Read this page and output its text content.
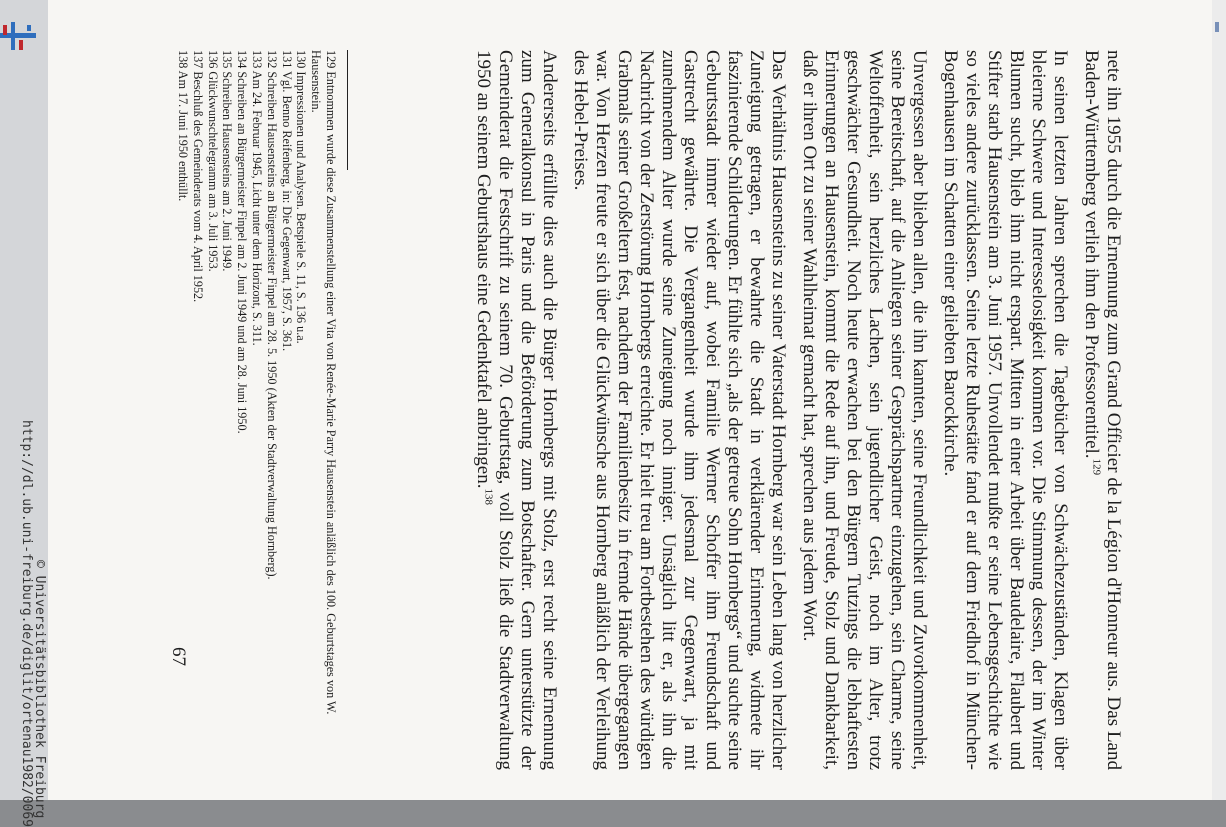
http://dl.ub.uni-freiburg.de/diglit/ortenau1982/0069
© Universitätsbibliothek Freiburg	nete ihn 1955 durch die Ernennung zum Grand Officier de la Légion d'Honneur aus. Das Land Baden-Württemberg verlieh ihm den Professorentitel.$^{129}$

In seinen letzten Jahren sprechen die Tagebücher von Schwächezuständen, Klagen über bleierne Schwere und Interesselosigkeit kommen vor. Die Stimmung dessen, der im Winter Blumen sucht, blieb ihm nicht erspart. Mitten in einer Arbeit über Baudelaire, Flaubert und Stifter starb Hausenstein am 3. Juni 1957. Unvollendet mußte er seine Lebensgeschichte wie so vieles andere zurücklassen. Seine letzte Ruhestätte fand er auf dem Friedhof in München-Bogenhausen im Schatten einer geliebten Barockkirche.

Unvergessen aber blieben allen, die ihn kannten, seine Freundlichkeit und Zuvorkommenheit, seine Bereitschaft, auf die Anliegen seiner Gesprächspartner einzugehen, sein Charme, seine Weltoffenheit, sein herzliches Lachen, sein jugendlicher Geist, noch im Alter, trotz geschwächter Gesundheit. Noch heute erwachen bei den Bürgern Tutzings die lebhaftesten Erinnerungen an Hausenstein, kommt die Rede auf ihn, und Freude, Stolz und Dankbarkeit, daß er ihren Ort zu seiner Wahlheimat gemacht hat, sprechen aus jedem Wort.

Das Verhältnis Hausensteins zu seiner Vaterstadt Hornberg war sein Leben lang von herzlicher Zuneigung getragen, er bewahrte die Stadt in verklärender Erinnerung, widmete ihr faszinierende Schilderungen. Er fühlte sich „als der getreue Sohn Hornbergs“ und suchte seine Geburtsstadt immer wieder auf, wobei Familie Werner Schoffer ihm Freundschaft und Gastrecht gewährte. Die Vergangenheit wurde ihm jedesmal zur Gegenwart, ja mit zunehmendem Alter wurde seine Zuneigung noch inniger. Unsäglich litt er, als ihn die Nachricht von der Zerstörung Hornbergs erreichte. Er hielt treu am Fortbestehen des würdigen Grabmals seiner Großeltern fest, nachdem der Familienbesitz in fremde Hände übergegangen war. Von Herzen freute er sich über die Glückwünsche aus Hornberg anläßlich der Verleihung des Hebel-Preises.

Andererseits erfüllte dies auch die Bürger Hornbergs mit Stolz, erst recht seine Ernennung zum Generalkonsul in Paris und die Beförderung zum Botschafter. Gern unterstützte der Gemeinderat die Festschrift zu seinem 70. Geburtstag, voll Stolz ließ die Stadtverwaltung 1950 an seinem Geburtshaus eine Gedenktafel anbringen.$^{138}$

129 Entnommen wurde diese Zusammenstellung einer Vita von Renée-Marie Parry Hausenstein anläßlich des 100. Geburtstages von W. Hausenstein.

130 Impressionen und Analysen. Betspiele S. 11, S. 136 u.a.

131 Vgl. Benno Reifenberg, in: Die Gegenwart, 1957, S. 361.

132 Schreiben Hausensteins an Bürgermeister Finpel am 28. 5. 1950 (Akten der Stadtverwaltung Hornberg).

133 Am 24. Februar 1945, Licht unter dem Horizont, S. 311.

134 Schreiben an Bürgermeister Finpel am 2. Juni 1949 und am 28. Juni 1950.

135 Schreiben Hausensteins am 2. Juni 1949.

136 Glückwunschtelegramm am 3. Juli 1953.

137 Beschluß des Gemeinderats vom 4. April 1952.

138 Am 17. Juni 1950 enthüllt.

67
